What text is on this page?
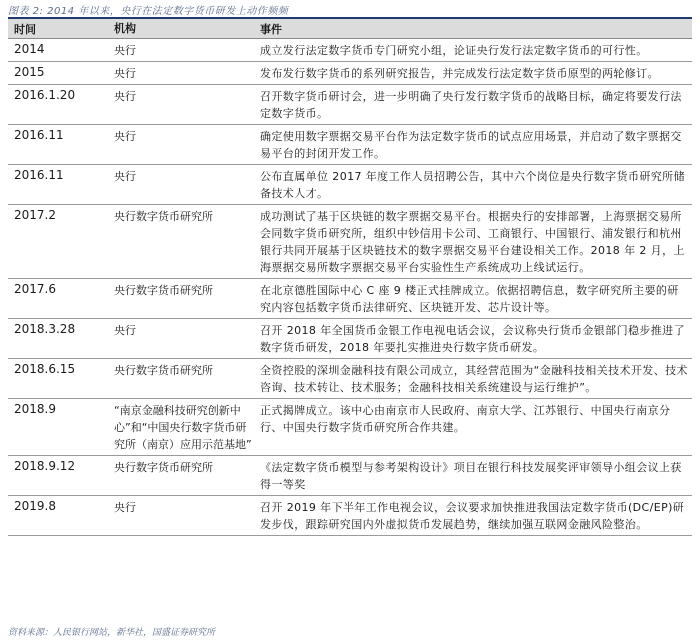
图表 2: 2014 年以来，央行在法定数字货币研发上动作频频
时间	机构	事件
2014	央行	成立发行法定数字货币专门研究小组，论证央行发行法定数字货币的可行性。
2015	央行	发布发行数字货币的系列研究报告，并完成发行法定数字货币原型的两轮修订。
2016.1.20	央行	召开数字货币研讨会，进一步明确了央行发行数字货币的战略目标，确定将要发行法定数字货币。
2016.11	央行	确定使用数字票据交易平台作为法定数字货币的试点应用场景，并启动了数字票据交易平台的封闭开发工作。
2016.11	央行	公布直属单位 2017 年度工作人员招聘公告，其中六个岗位是央行数字货币研究所储备技术人才。
2017.2	央行数字货币研究所	成功测试了基于区块链的数字票据交易平台。根据央行的安排部署，上海票据交易所会同数字货币研究所，组织中钞信用卡公司、工商银行、中国银行、浦发银行和杭州银行共同开展基于区块链技术的数字票据交易平台建设相关工作。2018 年 2 月，上海票据交易所数字票据交易平台实验性生产系统成功上线试运行。
2017.6	央行数字货币研究所	在北京德胜国际中心 C 座 9 楼正式挂牌成立。依据招聘信息，数字研究所主要的研究内容包括数字货币法律研究、区块链开发、芯片设计等。
2018.3.28	央行	召开 2018 年全国货币金银工作电视电话会议，会议称央行货币金银部门稳步推进了数字货币研发，2018 年要扎实推进央行数字货币研发。
2018.6.15	央行数字货币研究所	全资控股的深圳金融科技有限公司成立，其经营范围为“金融科技相关技术开发、技术咨询、技术转让、技术服务；金融科技相关系统建设与运行维护”。
2018.9	“南京金融科技研究创新中心”和“中国央行数字货币研究所（南京）应用示范基地”	正式揭牌成立。该中心由南京市人民政府、南京大学、江苏银行、中国央行南京分行、中国央行数字货币研究所合作共建。
2018.9.12	央行数字货币研究所	《法定数字货币模型与参考架构设计》项目在银行科技发展奖评审领导小组会议上获得一等奖
2019.8	央行	召开 2019 年下半年工作电视会议，会议要求加快推进我国法定数字货币(DC/EP)研发步伐，跟踪研究国内外虚拟货币发展趋势，继续加强互联网金融风险整治。
资料来源：人民银行网站，新华社，国盛证券研究所
